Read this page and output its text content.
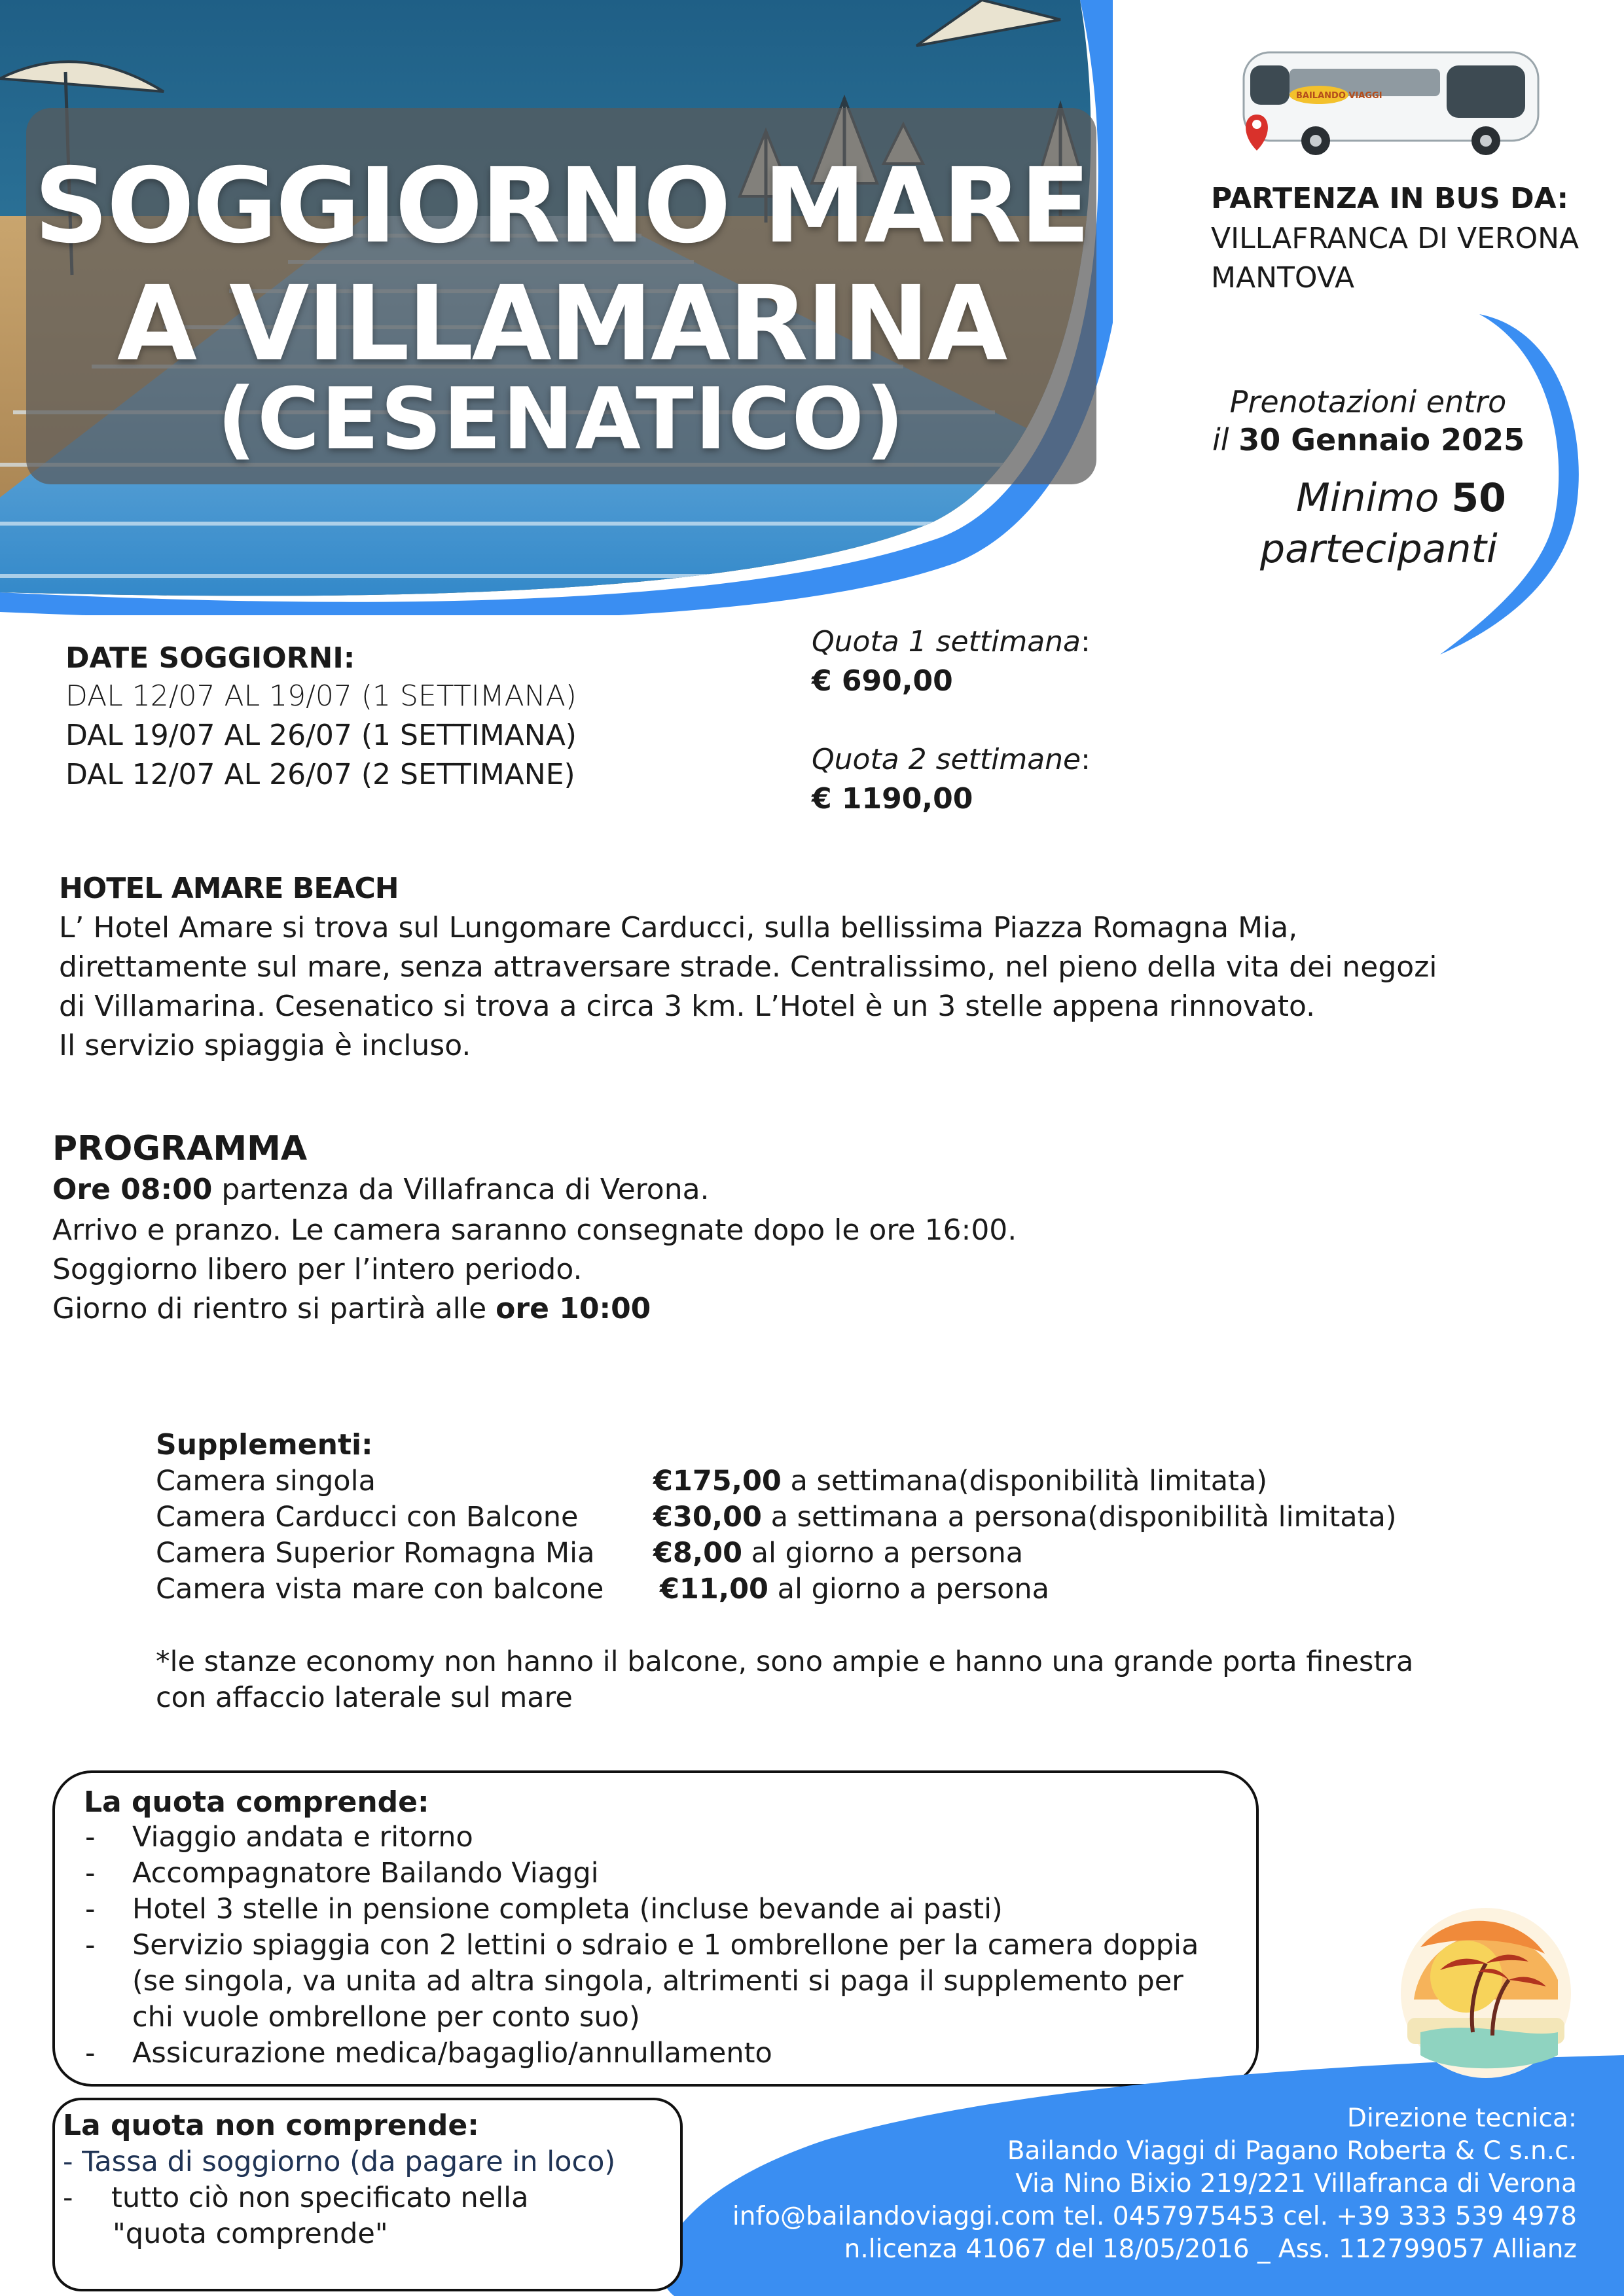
SOGGIORNO MARE
A VILLAMARINA
(CESENATICO)
BAILANDO VIAGGI
PARTENZA IN BUS DA:
VILLAFRANCA DI VERONA
MANTOVA
Prenotazioni entro
il 30 Gennaio 2025
Minimo 50
partecipanti
DATE SOGGIORNI:
DAL 12/07 AL 19/07 (1 SETTIMANA)
DAL 19/07 AL 26/07 (1 SETTIMANA)
DAL 12/07 AL 26/07 (2 SETTIMANE)
Quota 1 settimana:
€ 690,00
Quota 2 settimane:
€ 1190,00
HOTEL AMARE BEACH
L’ Hotel Amare si trova sul Lungomare Carducci, sulla bellissima Piazza Romagna Mia,
direttamente sul mare, senza attraversare strade. Centralissimo, nel pieno della vita dei negozi
di Villamarina. Cesenatico si trova a circa 3 km. L’Hotel è un 3 stelle appena rinnovato.
Il servizio spiaggia è incluso.
PROGRAMMA
Ore 08:00 partenza da Villafranca di Verona.
Arrivo e pranzo. Le camera saranno consegnate dopo le ore 16:00.
Soggiorno libero per l’intero periodo.
Giorno di rientro si partirà alle ore 10:00
Supplementi:
Camera singola	€175,00 a settimana(disponibilità limitata)
Camera Carducci con Balcone	€30,00 a settimana a persona(disponibilità limitata)
Camera Superior Romagna Mia €8,00 al giorno a persona
Camera vista mare con balcone €11,00 al giorno a persona
*le stanze economy non hanno il balcone, sono ampie e hanno una grande porta finestra
con affaccio laterale sul mare
La quota comprende:
- Viaggio andata e ritorno
- Accompagnatore Bailando Viaggi
- Hotel 3 stelle in pensione completa (incluse bevande ai pasti)
- Servizio spiaggia con 2 lettini o sdraio e 1 ombrellone per la camera doppia
(se singola, va unita ad altra singola, altrimenti si paga il supplemento per
chi vuole ombrellone per conto suo)
- Assicurazione medica/bagaglio/annullamento
La quota non comprende:
- Tassa di soggiorno (da pagare in loco)
- tutto ciò non specificato nella
"quota comprende"
Direzione tecnica:
Bailando Viaggi di Pagano Roberta & C s.n.c.
Via Nino Bixio 219/221 Villafranca di Verona
info@bailandoviaggi.com tel. 0457975453 cel. +39 333 539 4978
n.licenza 41067 del 18/05/2016 _ Ass. 112799057 Allianz
